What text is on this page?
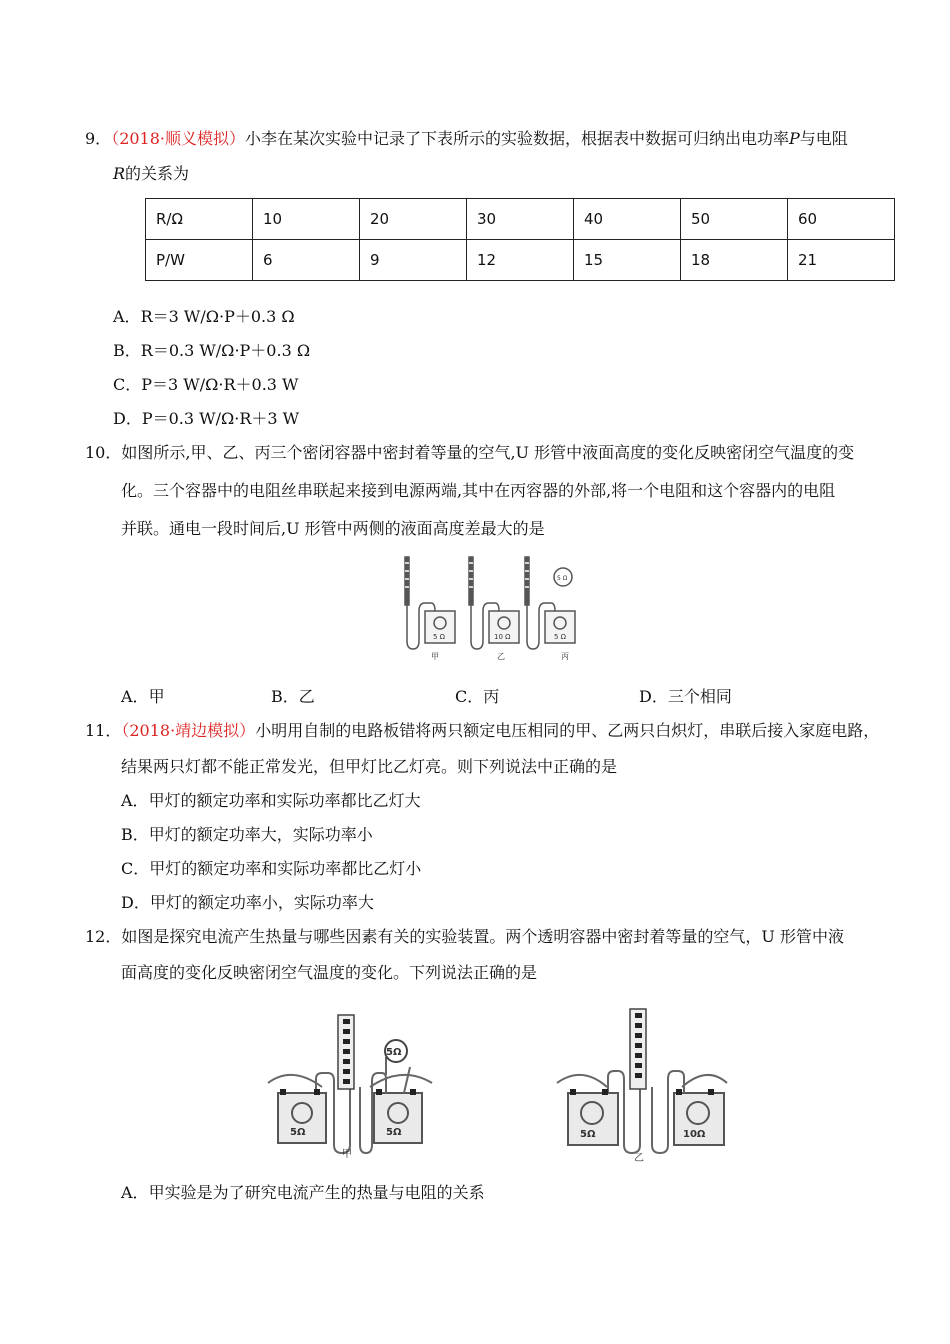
9．（2018·顺义模拟）小李在某次实验中记录了下表所示的实验数据，根据表中数据可归纳出电功率P与电阻
R的关系为
R/Ω	10	20	30	40	50	60
P/W	6	9	12	15	18	21
A．R＝3 W/Ω·P＋0.3 Ω
B．R＝0.3 W/Ω·P＋0.3 Ω
C．P＝3 W/Ω·R＋0.3 W
D．P＝0.3 W/Ω·R＋3 W
10．如图所示,甲、乙、丙三个密闭容器中密封着等量的空气,U 形管中液面高度的变化反映密闭空气温度的变
化。三个容器中的电阻丝串联起来接到电源两端,其中在丙容器的外部,将一个电阻和这个容器内的电阻
并联。通电一段时间后,U 形管中两侧的液面高度差最大的是
5 Ω	10 Ω	5 Ω
5 Ω
甲	乙	丙
A．甲	B．乙	C．丙	D．三个相同
11．（2018·靖边模拟）小明用自制的电路板错将两只额定电压相同的甲、乙两只白炽灯，串联后接入家庭电路，
结果两只灯都不能正常发光，但甲灯比乙灯亮。则下列说法中正确的是
A．甲灯的额定功率和实际功率都比乙灯大
B．甲灯的额定功率大，实际功率小
C．甲灯的额定功率和实际功率都比乙灯小
D．甲灯的额定功率小，实际功率大
12．如图是探究电流产生热量与哪些因素有关的实验装置。两个透明容器中密封着等量的空气，U 形管中液
面高度的变化反映密闭空气温度的变化。下列说法正确的是
5Ω	5Ω
5Ω
甲
5Ω	10Ω
乙
A．甲实验是为了研究电流产生的热量与电阻的关系
